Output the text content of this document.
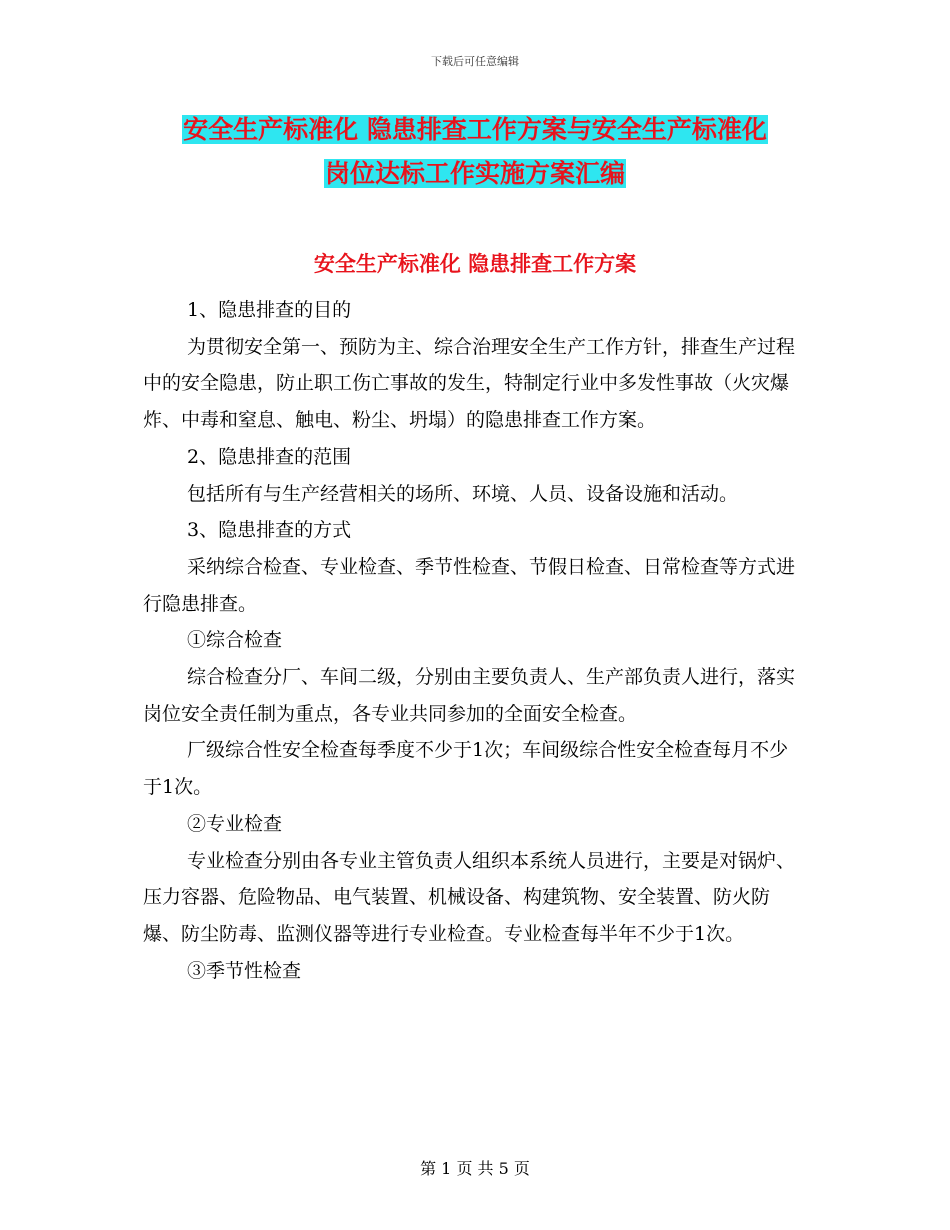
下载后可任意编辑
安全生产标准化 隐患排查工作方案与安全生产标准化
岗位达标工作实施方案汇编
安全生产标准化 隐患排查工作方案

1、隐患排查的目的

为贯彻安全第一、预防为主、综合治理安全生产工作方针，排查生产过程中的安全隐患，防止职工伤亡事故的发生，特制定行业中多发性事故（火灾爆炸、中毒和窒息、触电、粉尘、坍塌）的隐患排查工作方案。

2、隐患排查的范围

包括所有与生产经营相关的场所、环境、人员、设备设施和活动。

3、隐患排查的方式

采纳综合检查、专业检查、季节性检查、节假日检查、日常检查等方式进行隐患排查。

①综合检查

综合检查分厂、车间二级，分别由主要负责人、生产部负责人进行，落实岗位安全责任制为重点，各专业共同参加的全面安全检查。

厂级综合性安全检查每季度不少于1次；车间级综合性安全检查每月不少于1次。

②专业检查

专业检查分别由各专业主管负责人组织本系统人员进行，主要是对锅炉、压力容器、危险物品、电气装置、机械设备、构建筑物、安全装置、防火防爆、防尘防毒、监测仪器等进行专业检查。专业检查每半年不少于1次。

③季节性检查

第 1 页 共 5 页
